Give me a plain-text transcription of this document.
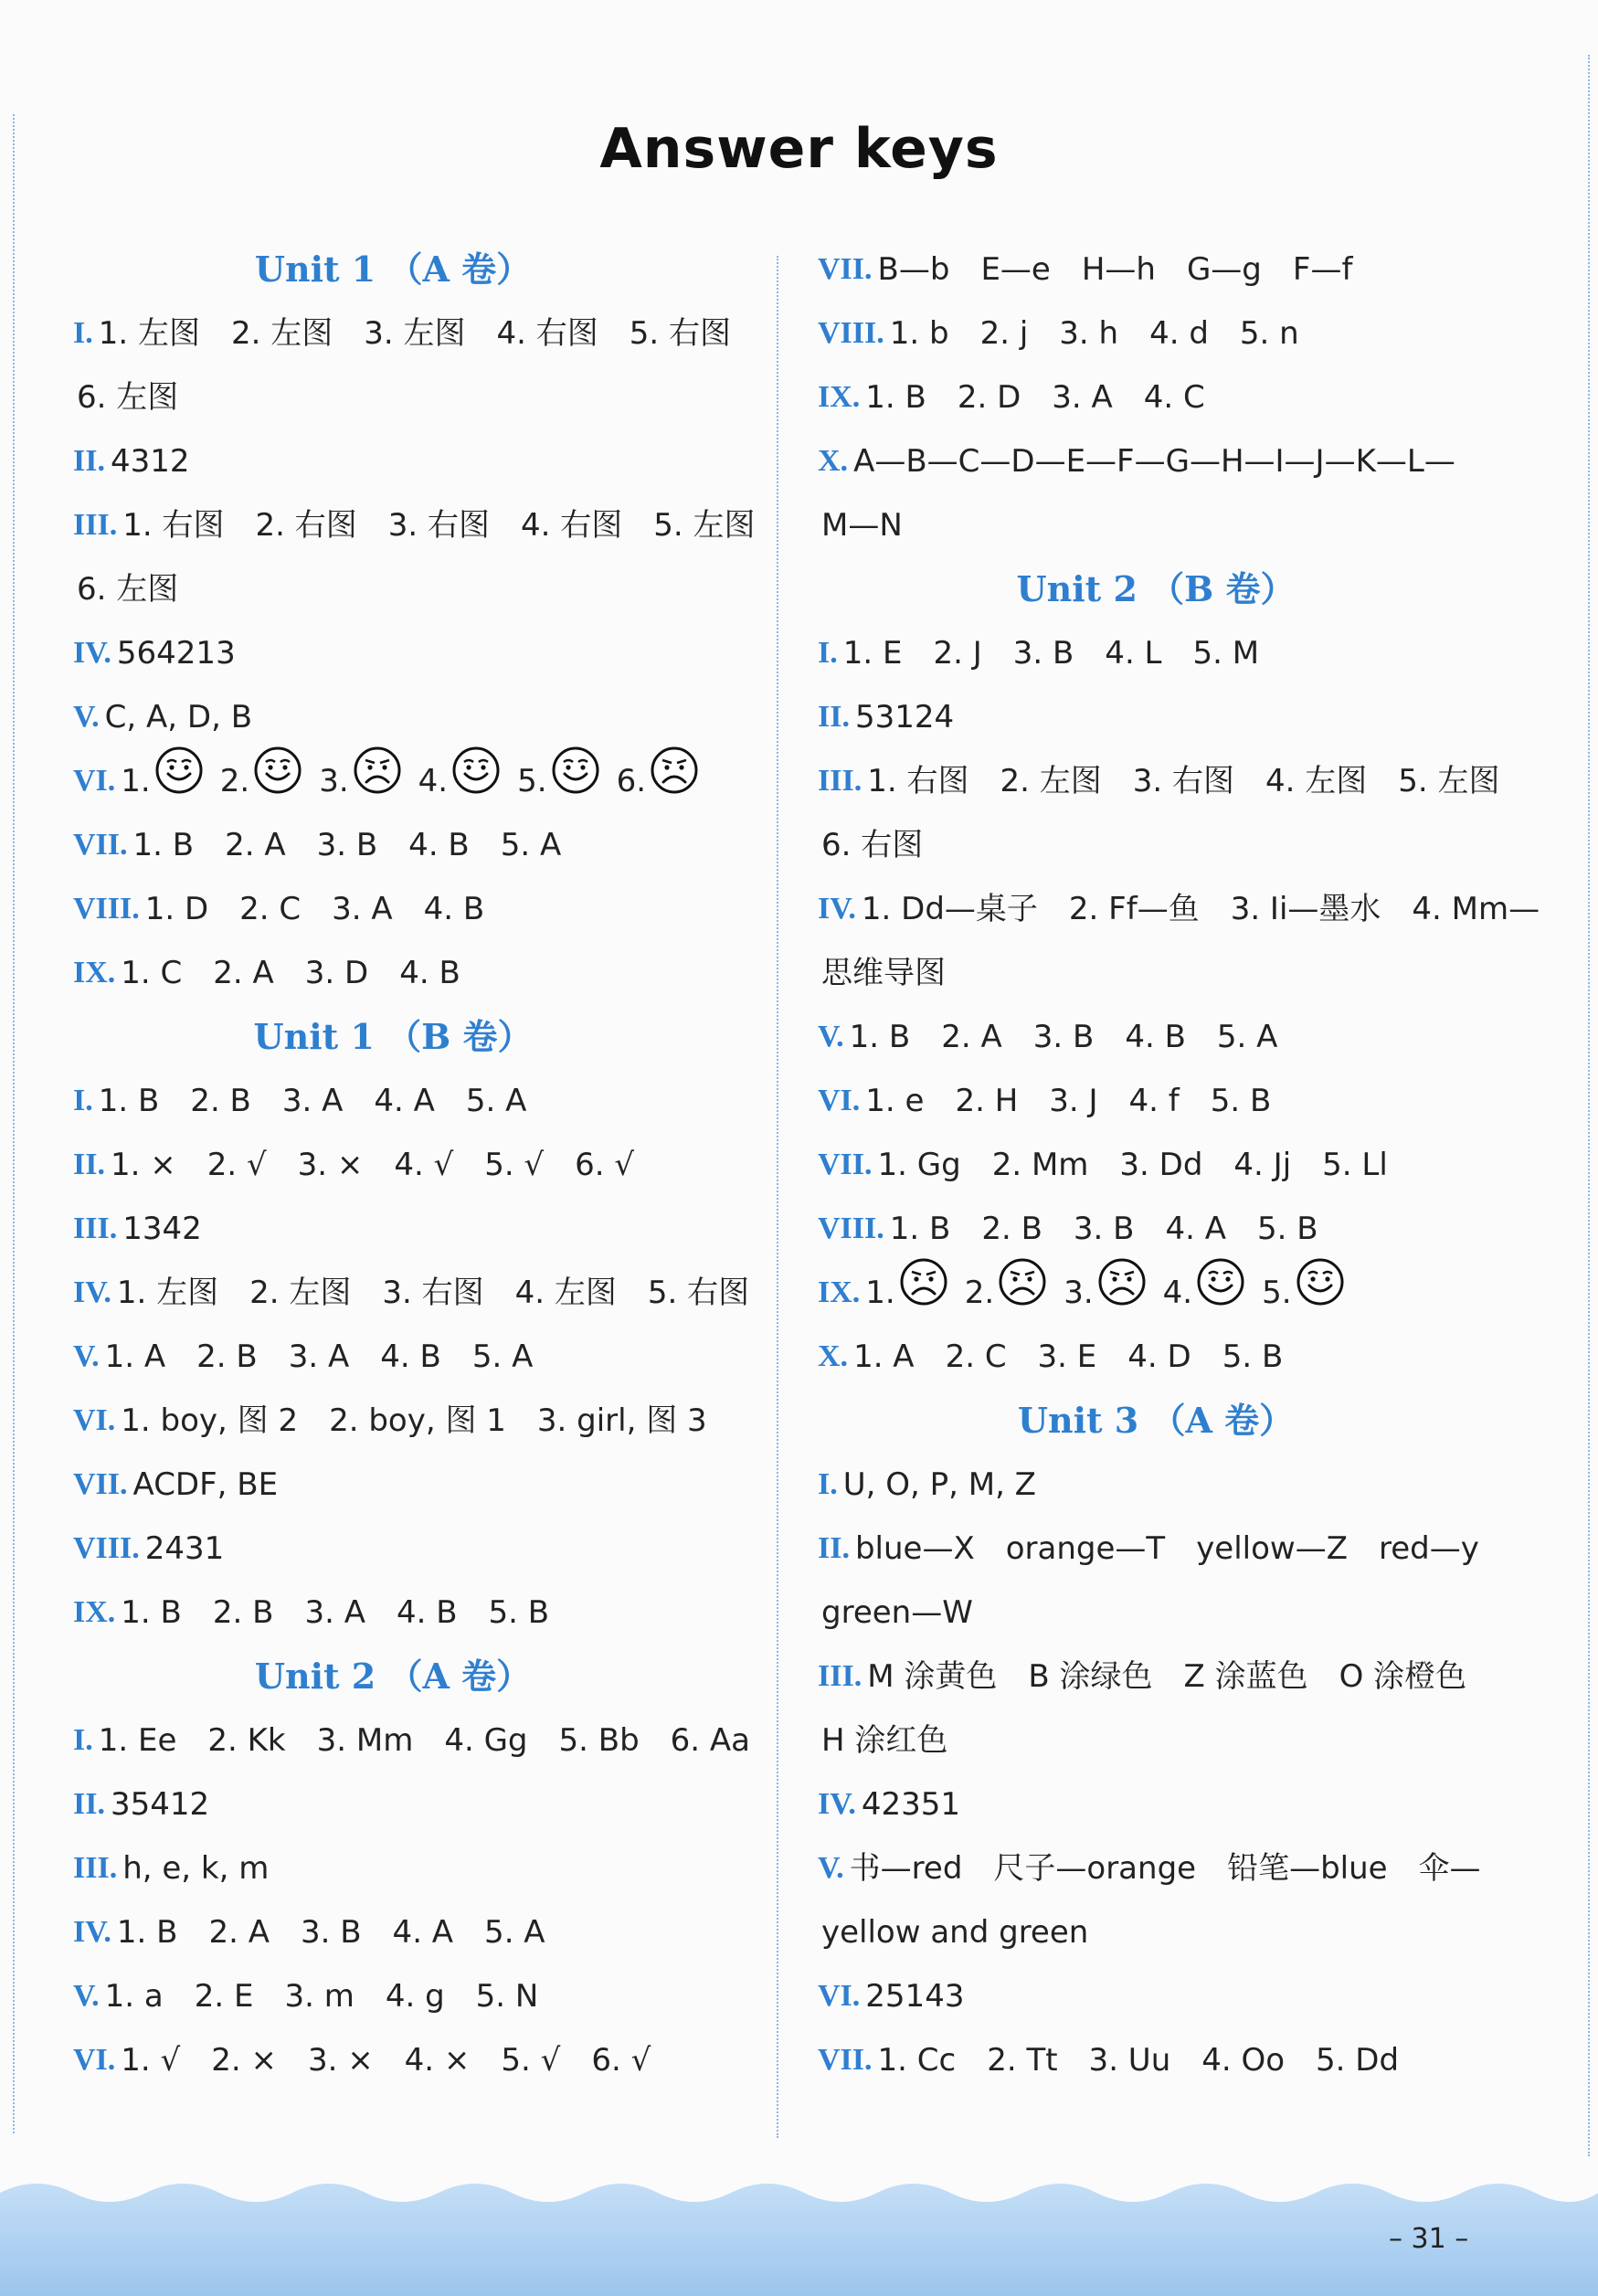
Answer keys
Unit 1 （A 卷）
I. 1. 左图　2. 左图　3. 左图　4. 右图　5. 右图
6. 左图
II. 4312
III. 1. 右图　2. 右图　3. 右图　4. 右图　5. 左图
6. 左图
IV. 564213
V. C, A, D, B
VI. 1. 2. 3. 4. 5. 6.
VII. 1. B　2. A　3. B　4. B　5. A
VIII. 1. D　2. C　3. A　4. B
IX. 1. C　2. A　3. D　4. B
Unit 1 （B 卷）
I. 1. B　2. B　3. A　4. A　5. A
II. 1. ×　2. √　3. ×　4. √　5. √　6. √
III. 1342
IV. 1. 左图　2. 左图　3. 右图　4. 左图　5. 右图
V. 1. A　2. B　3. A　4. B　5. A
VI. 1. boy, 图 2　2. boy, 图 1　3. girl, 图 3
VII. ACDF, BE
VIII. 2431
IX. 1. B　2. B　3. A　4. B　5. B
Unit 2 （A 卷）
I. 1. Ee　2. Kk　3. Mm　4. Gg　5. Bb　6. Aa
II. 35412
III. h, e, k, m
IV. 1. B　2. A　3. B　4. A　5. A
V. 1. a　2. E　3. m　4. g　5. N
VI. 1. √　2. ×　3. ×　4. ×　5. √　6. √
VII. B—b　E—e　H—h　G—g　F—f
VIII. 1. b　2. j　3. h　4. d　5. n
IX. 1. B　2. D　3. A　4. C
X. A—B—C—D—E—F—G—H—I—J—K—L—
M—N
Unit 2 （B 卷）
I. 1. E　2. J　3. B　4. L　5. M
II. 53124
III. 1. 右图　2. 左图　3. 右图　4. 左图　5. 左图
6. 右图
IV. 1. Dd—桌子　2. Ff—鱼　3. Ii—墨水　4. Mm—
思维导图
V. 1. B　2. A　3. B　4. B　5. A
VI. 1. e　2. H　3. J　4. f　5. B
VII. 1. Gg　2. Mm　3. Dd　4. Jj　5. Ll
VIII. 1. B　2. B　3. B　4. A　5. B
IX. 1. 2. 3. 4. 5.
X. 1. A　2. C　3. E　4. D　5. B
Unit 3 （A 卷）
I. U, O, P, M, Z
II. blue—X　orange—T　yellow—Z　red—y
green—W
III. M 涂黄色　B 涂绿色　Z 涂蓝色　O 涂橙色
H 涂红色
IV. 42351
V. 书—red　尺子—orange　铅笔—blue　伞—
yellow and green
VI. 25143
VII. 1. Cc　2. Tt　3. Uu　4. Oo　5. Dd
– 31 –
